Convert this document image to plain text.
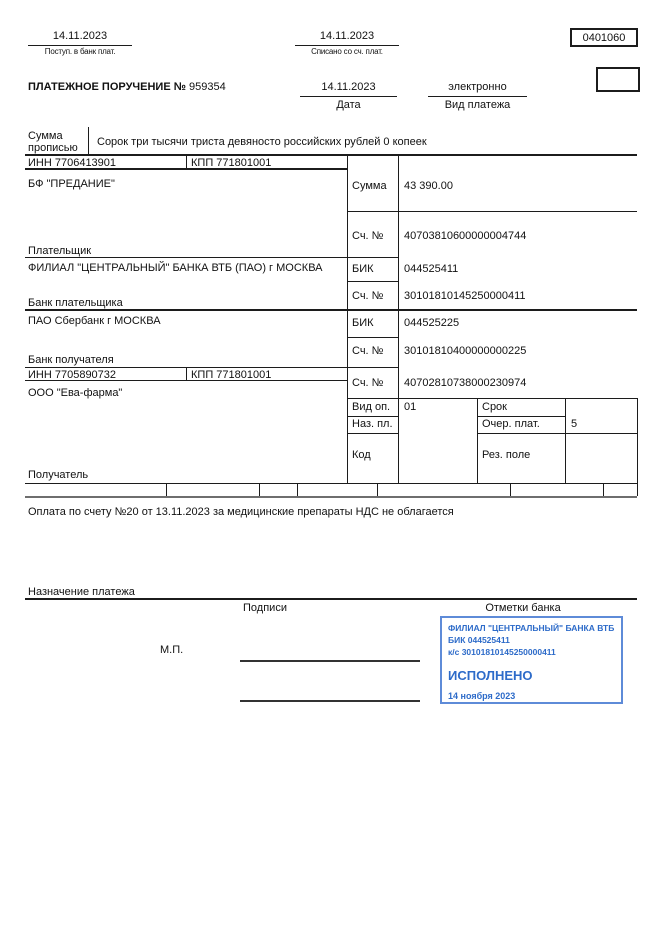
14.11.2023
Поступ. в банк плат.
14.11.2023
Списано со сч. плат.
0401060
ПЛАТЕЖНОЕ ПОРУЧЕНИЕ № 959354	14.11.2023
Дата
электронно
Вид платежа
Сумма прописью	Сорок три тысячи триста девяносто российских рублей 0 копеек
ИНН 7706413901	КПП 771801001
БФ "ПРЕДАНИЕ"
Плательщик
Сумма 43 390.00
Сч. № 40703810600000004744
ФИЛИАЛ "ЦЕНТРАЛЬНЫЙ" БАНКА ВТБ (ПАО) г МОСКВА
Банк плательщика
БИК	044525411
Сч. № 30101810145250000411
ПАО Сбербанк г МОСКВА
Банк получателя
БИК	044525225
Сч. № 30101810400000000225
ИНН 7705890732	КПП 771801001
ООО "Ева-фарма"
Получатель
Сч. № 40702810738000230974
Вид оп. 01	Срок
Наз. пл.	Очер. плат.	5
Код	Рез. поле
Оплата по счету №20 от 13.11.2023 за медицинские препараты НДС не облагается
Назначение платежа
Подписи	Отметки банка
М.П.
ФИЛИАЛ "ЦЕНТРАЛЬНЫЙ" БАНКА ВТБ
БИК 044525411
к/с 30101810145250000411
ИСПОЛНЕНО
14 ноября 2023
